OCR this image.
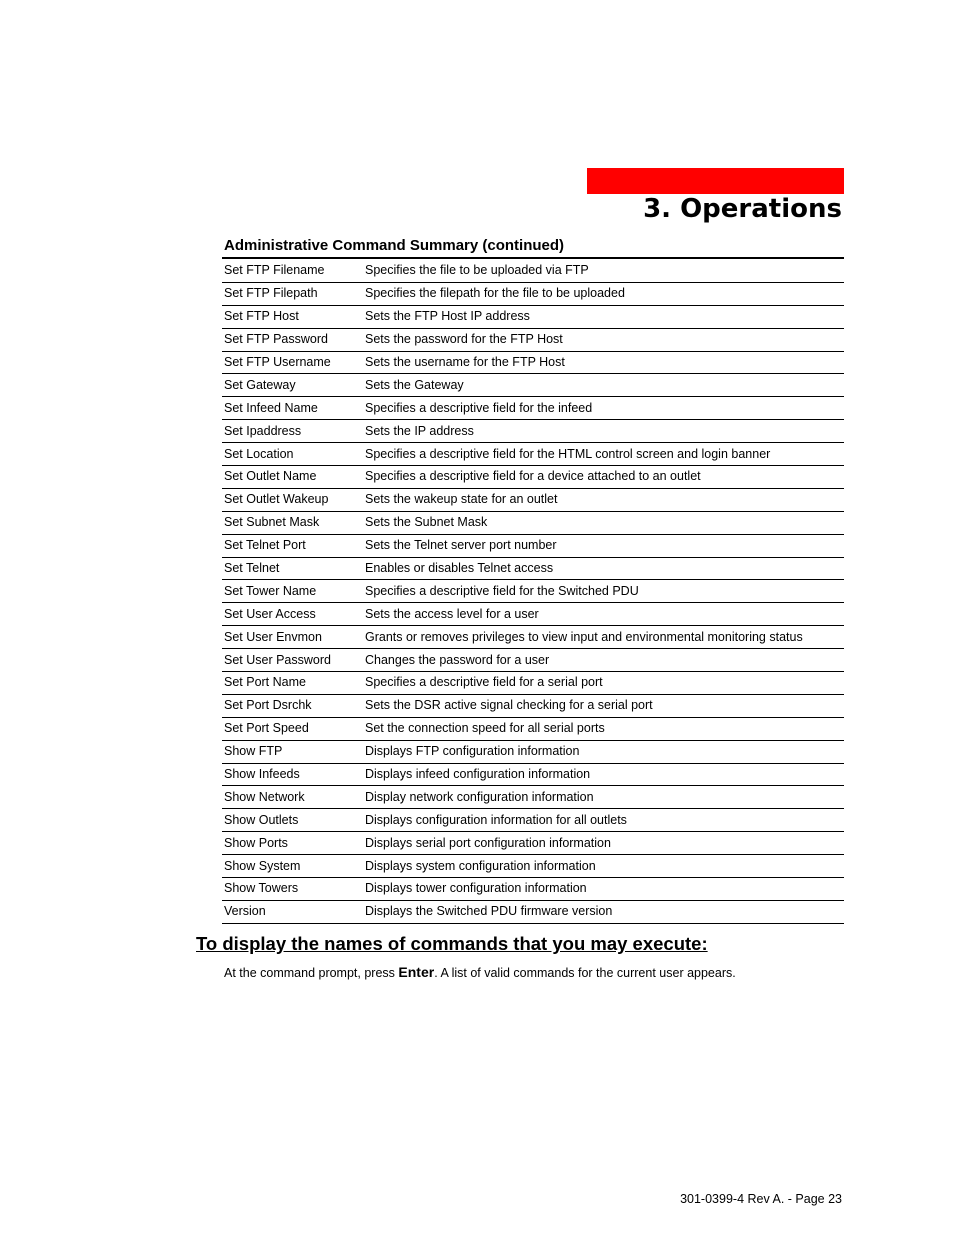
3. Operations
Administrative Command Summary (continued)
Set FTP Filename	Specifies the file to be uploaded via FTP
Set FTP Filepath	Specifies the filepath for the file to be uploaded
Set FTP Host	Sets the FTP Host IP address
Set FTP Password	Sets the password for the FTP Host
Set FTP Username	Sets the username for the FTP Host
Set Gateway	Sets the Gateway
Set Infeed Name	Specifies a descriptive field for the infeed
Set Ipaddress	Sets the IP address
Set Location	Specifies a descriptive field for the HTML control screen and login banner
Set Outlet Name	Specifies a descriptive field for a device attached to an outlet
Set Outlet Wakeup	Sets the wakeup state for an outlet
Set Subnet Mask	Sets the Subnet Mask
Set Telnet Port	Sets the Telnet server port number
Set Telnet	Enables or disables Telnet access
Set Tower Name	Specifies a descriptive field for the Switched PDU
Set User Access	Sets the access level for a user
Set User Envmon	Grants or removes privileges to view input and environmental monitoring status
Set User Password	Changes the password for a user
Set Port Name	Specifies a descriptive field for a serial port
Set Port Dsrchk	Sets the DSR active signal checking for a serial port
Set Port Speed	Set the connection speed for all serial ports
Show FTP	Displays FTP configuration information
Show Infeeds	Displays infeed configuration information
Show Network	Display network configuration information
Show Outlets	Displays configuration information for all outlets
Show Ports	Displays serial port configuration information
Show System	Displays system configuration information
Show Towers	Displays tower configuration information
Version	Displays the Switched PDU firmware version
To display the names of commands that you may execute:
At the command prompt, press Enter. A list of valid commands for the current user appears.
301-0399-4 Rev A. - Page 23
